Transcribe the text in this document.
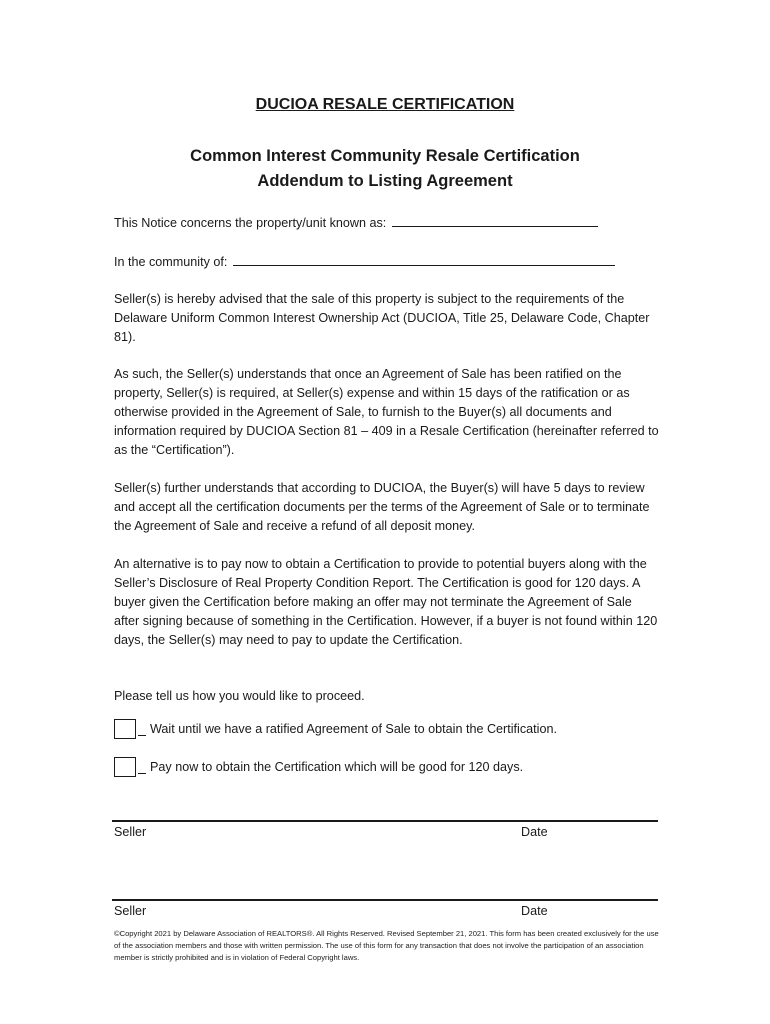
DUCIOA RESALE CERTIFICATION
Common Interest Community Resale Certification
Addendum to Listing Agreement
This Notice concerns the property/unit known as:
In the community of:
Seller(s) is hereby advised that the sale of this property is subject to the requirements of the Delaware Uniform Common Interest Ownership Act (DUCIOA, Title 25, Delaware Code, Chapter 81).
As such, the Seller(s) understands that once an Agreement of Sale has been ratified on the property, Seller(s) is required, at Seller(s) expense and within 15 days of the ratification or as otherwise provided in the Agreement of Sale, to furnish to the Buyer(s) all documents and information required by DUCIOA Section 81 – 409 in a Resale Certification (hereinafter referred to as the “Certification”).
Seller(s) further understands that according to DUCIOA, the Buyer(s) will have 5 days to review and accept all the certification documents per the terms of the Agreement of Sale or to terminate the Agreement of Sale and receive a refund of all deposit money.
An alternative is to pay now to obtain a Certification to provide to potential buyers along with the Seller’s Disclosure of Real Property Condition Report. The Certification is good for 120 days. A buyer given the Certification before making an offer may not terminate the Agreement of Sale after signing because of something in the Certification. However, if a buyer is not found within 120 days, the Seller(s) may need to pay to update the Certification.
Please tell us how you would like to proceed.
Wait until we have a ratified Agreement of Sale to obtain the Certification.
Pay now to obtain the Certification which will be good for 120 days.
Seller	Date
Seller	Date
©Copyright 2021 by Delaware Association of REALTORS®. All Rights Reserved. Revised September 21, 2021. This form has been created exclusively for the use of the association members and those with written permission. The use of this form for any transaction that does not involve the participation of an association member is strictly prohibited and is in violation of Federal Copyright laws.
